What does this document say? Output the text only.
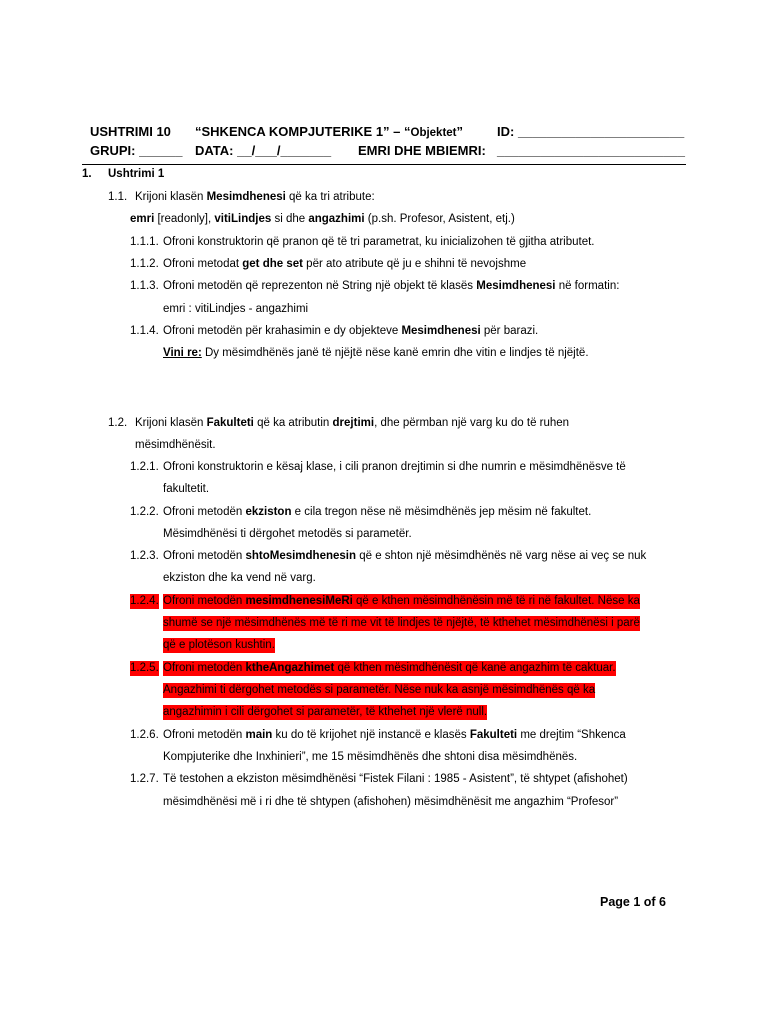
USHTRIMI 10 “SHKENCA KOMPJUTERIKE 1” – “Objektet”	ID: _______________________
GRUPI: ______ DATA: __/___/_______ EMRI DHE MBIEMRI: __________________________
1. Ushtrimi 1
1.1. Krijoni klasën Mesimdhenesi që ka tri atribute:
emri [readonly], vitiLindjes si dhe angazhimi (p.sh. Profesor, Asistent, etj.)
1.1.1. Ofroni konstruktorin që pranon që të tri parametrat, ku inicializohen të gjitha atributet.
1.1.2. Ofroni metodat get dhe set për ato atribute që ju e shihni të nevojshme
1.1.3. Ofroni metodën që reprezenton në String një objekt të klasës Mesimdhenesi në formatin:
emri : vitiLindjes - angazhimi
1.1.4. Ofroni metodën për krahasimin e dy objekteve Mesimdhenesi për barazi.
Vini re: Dy mësimdhënës janë të njëjtë nëse kanë emrin dhe vitin e lindjes të njëjtë.
1.2. Krijoni klasën Fakulteti që ka atributin drejtimi, dhe përmban një varg ku do të ruhen
mësimdhënësit.
1.2.1. Ofroni konstruktorin e kësaj klase, i cili pranon drejtimin si dhe numrin e mësimdhënësve të
fakultetit.
1.2.2. Ofroni metodën ekziston e cila tregon nëse në mësimdhënës jep mësim në fakultet.
Mësimdhënësi ti dërgohet metodës si parametër.
1.2.3. Ofroni metodën shtoMesimdhenesin që e shton një mësimdhënës në varg nëse ai veç se nuk
ekziston dhe ka vend në varg.
1.2.4. Ofroni metodën mesimdhenesiMeRi që e kthen mësimdhënësin më të ri në fakultet. Nëse ka
shumë se një mësimdhënës më të ri me vit të lindjes të njëjtë, të kthehet mësimdhënësi i parë
që e plotëson kushtin.
1.2.5. Ofroni metodën ktheAngazhimet që kthen mësimdhënësit që kanë angazhim të caktuar.
Angazhimi ti dërgohet metodës si parametër. Nëse nuk ka asnjë mësimdhënës që ka
angazhimin i cili dërgohet si parametër, të kthehet një vlerë null.
1.2.6. Ofroni metodën main ku do të krijohet një instancë e klasës Fakulteti me drejtim “Shkenca
Kompjuterike dhe Inxhinieri”, me 15 mësimdhënës dhe shtoni disa mësimdhënës.
1.2.7. Të testohen a ekziston mësimdhënësi “Fistek Filani : 1985 - Asistent”, të shtypet (afishohet)
mësimdhënësi më i ri dhe të shtypen (afishohen) mësimdhënësit me angazhim “Profesor”
Page 1 of 6
